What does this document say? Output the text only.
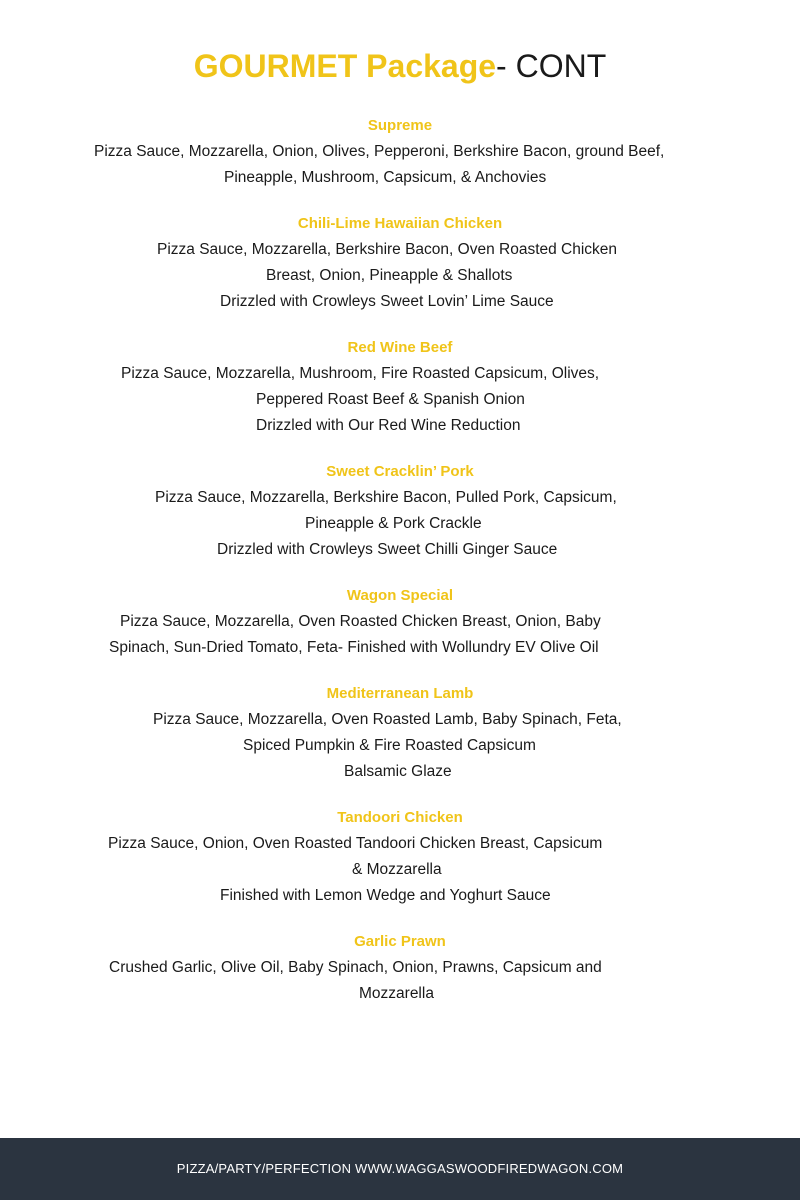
GOURMET Package- CONT
Supreme
Pizza Sauce, Mozzarella, Onion, Olives, Pepperoni, Berkshire Bacon, ground Beef,
Pineapple, Mushroom, Capsicum, & Anchovies
Chili-Lime Hawaiian Chicken
Pizza Sauce, Mozzarella, Berkshire Bacon, Oven Roasted Chicken
Breast, Onion, Pineapple & Shallots
Drizzled with Crowleys Sweet Lovin’ Lime Sauce
Red Wine Beef
Pizza Sauce, Mozzarella, Mushroom, Fire Roasted Capsicum, Olives,
Peppered Roast Beef & Spanish Onion
Drizzled with Our Red Wine Reduction
Sweet Cracklin’ Pork
Pizza Sauce, Mozzarella, Berkshire Bacon, Pulled Pork, Capsicum,
Pineapple & Pork Crackle
Drizzled with Crowleys Sweet Chilli Ginger Sauce
Wagon Special
Pizza Sauce, Mozzarella, Oven Roasted Chicken Breast, Onion, Baby
Spinach, Sun-Dried Tomato, Feta- Finished with Wollundry EV Olive Oil
Mediterranean Lamb
Pizza Sauce, Mozzarella, Oven Roasted Lamb, Baby Spinach, Feta,
Spiced Pumpkin & Fire Roasted Capsicum
Balsamic Glaze
Tandoori Chicken
Pizza Sauce, Onion, Oven Roasted Tandoori Chicken Breast, Capsicum
& Mozzarella
Finished with Lemon Wedge and Yoghurt Sauce
Garlic Prawn
Crushed Garlic, Olive Oil, Baby Spinach, Onion, Prawns, Capsicum and
Mozzarella
PIZZA/PARTY/PERFECTION WWW.WAGGASWOODFIREDWAGON.COM
